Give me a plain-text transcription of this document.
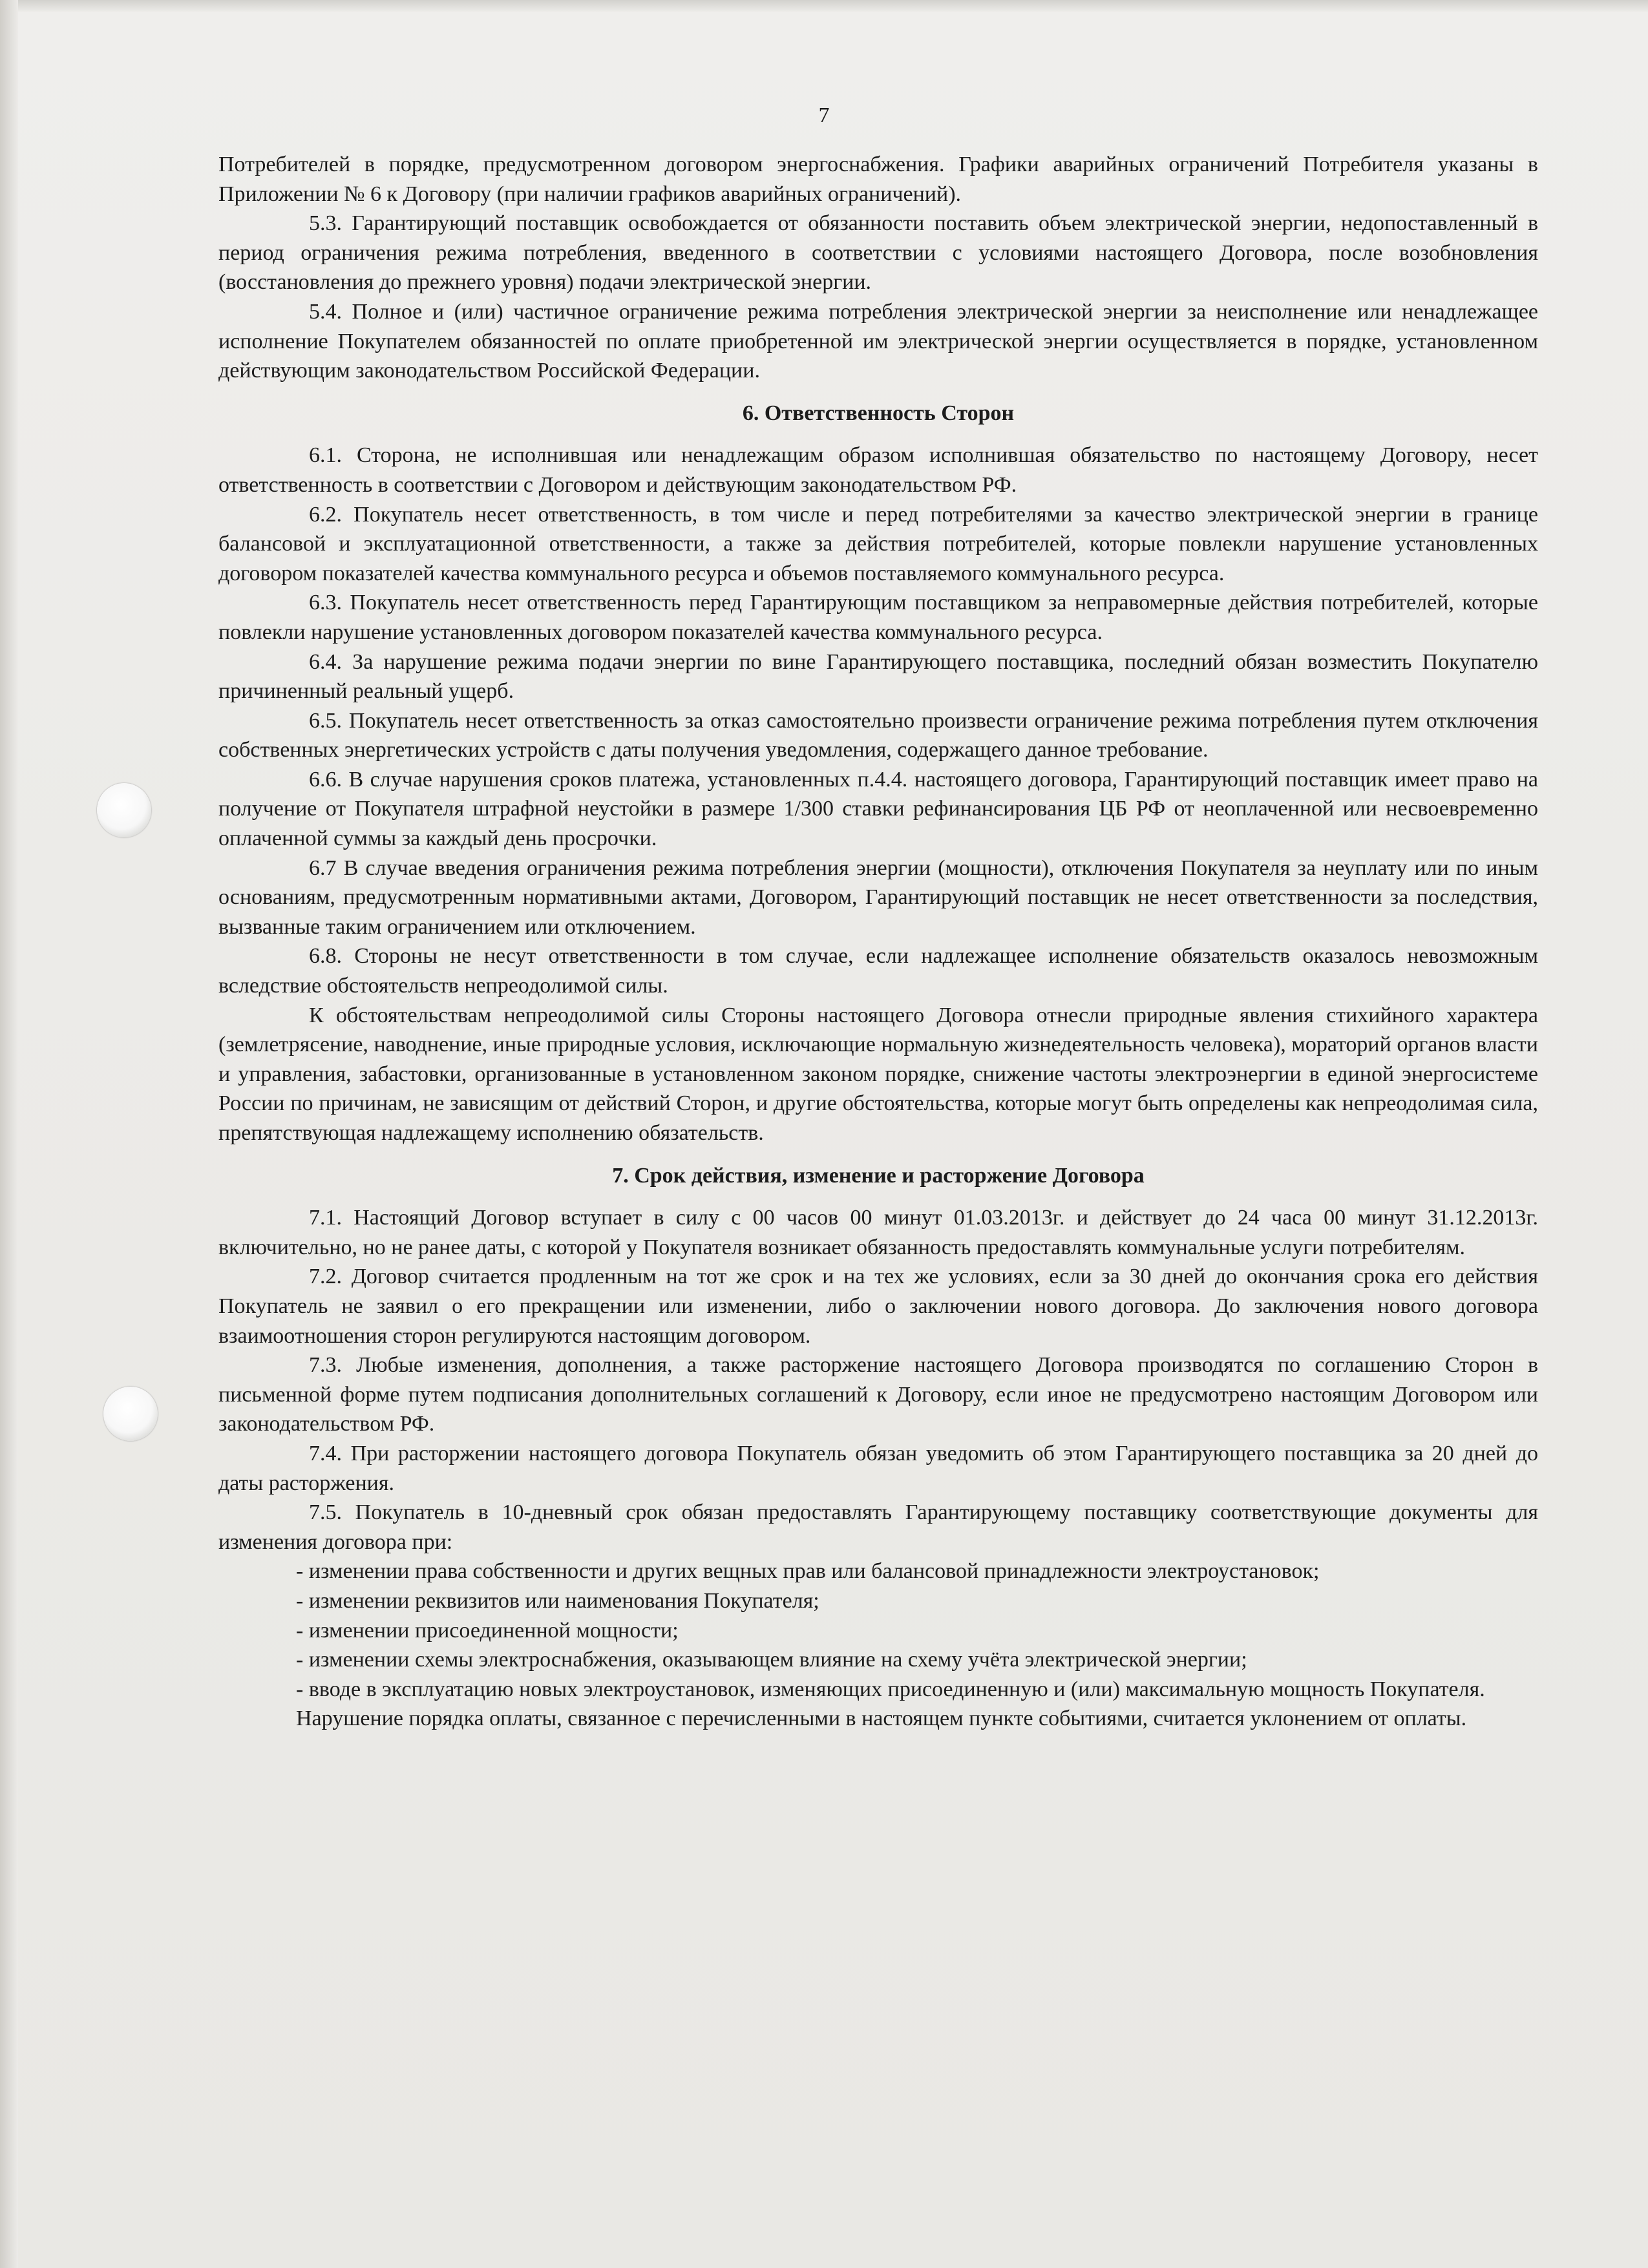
7

Потребителей в порядке, предусмотренном договором энергоснабжения. Графики аварийных ограничений Потребителя указаны в Приложении № 6 к Договору (при наличии графиков аварийных ограничений).

5.3. Гарантирующий поставщик освобождается от обязанности поставить объем электрической энергии, недопоставленный в период ограничения режима потребления, введенного в соответствии с условиями настоящего Договора, после возобновления (восстановления до прежнего уровня) подачи электрической энергии.

5.4. Полное и (или) частичное ограничение режима потребления электрической энергии за неисполнение или ненадлежащее исполнение Покупателем обязанностей по оплате приобретенной им электрической энергии осуществляется в порядке, установленном действующим законодательством Российской Федерации.

6. Ответственность Сторон

6.1. Сторона, не исполнившая или ненадлежащим образом исполнившая обязательство по настоящему Договору, несет ответственность в соответствии с Договором и действующим законодательством РФ.

6.2. Покупатель несет ответственность, в том числе и перед потребителями за качество электрической энергии в границе балансовой и эксплуатационной ответственности, а также за действия потребителей, которые повлекли нарушение установленных договором показателей качества коммунального ресурса и объемов поставляемого коммунального ресурса.

6.3. Покупатель несет ответственность перед Гарантирующим поставщиком за неправомерные действия потребителей, которые повлекли нарушение установленных договором показателей качества коммунального ресурса.

6.4. За нарушение режима подачи энергии по вине Гарантирующего поставщика, последний обязан возместить Покупателю причиненный реальный ущерб.

6.5. Покупатель несет ответственность за отказ самостоятельно произвести ограничение режима потребления путем отключения собственных энергетических устройств с даты получения уведомления, содержащего данное требование.

6.6. В случае нарушения сроков платежа, установленных п.4.4. настоящего договора, Гарантирующий поставщик имеет право на получение от Покупателя штрафной неустойки в размере 1/300 ставки рефинансирования ЦБ РФ от неоплаченной или несвоевременно оплаченной суммы за каждый день просрочки.

6.7 В случае введения ограничения режима потребления энергии (мощности), отключения Покупателя за неуплату или по иным основаниям, предусмотренным нормативными актами, Договором, Гарантирующий поставщик не несет ответственности за последствия, вызванные таким ограничением или отключением.

6.8. Стороны не несут ответственности в том случае, если надлежащее исполнение обязательств оказалось невозможным вследствие обстоятельств непреодолимой силы.

К обстоятельствам непреодолимой силы Стороны настоящего Договора отнесли природные явления стихийного характера (землетрясение, наводнение, иные природные условия, исключающие нормальную жизнедеятельность человека), мораторий органов власти и управления, забастовки, организованные в установленном законом порядке, снижение частоты электроэнергии в единой энергосистеме России по причинам, не зависящим от действий Сторон, и другие обстоятельства, которые могут быть определены как непреодолимая сила, препятствующая надлежащему исполнению обязательств.

7. Срок действия, изменение и расторжение Договора

7.1. Настоящий Договор вступает в силу с 00 часов 00 минут 01.03.2013г. и действует до 24 часа 00 минут 31.12.2013г. включительно, но не ранее даты, с которой у Покупателя возникает обязанность предоставлять коммунальные услуги потребителям.

7.2. Договор считается продленным на тот же срок и на тех же условиях, если за 30 дней до окончания срока его действия Покупатель не заявил о его прекращении или изменении, либо о заключении нового договора. До заключения нового договора взаимоотношения сторон регулируются настоящим договором.

7.3. Любые изменения, дополнения, а также расторжение настоящего Договора производятся по соглашению Сторон в письменной форме путем подписания дополнительных соглашений к Договору, если иное не предусмотрено настоящим Договором или законодательством РФ.

7.4. При расторжении настоящего договора Покупатель обязан уведомить об этом Гарантирующего поставщика за 20 дней до даты расторжения.

7.5. Покупатель в 10-дневный срок обязан предоставлять Гарантирующему поставщику соответствующие документы для изменения договора при:

- изменении права собственности и других вещных прав или балансовой принадлежности электроустановок;

- изменении реквизитов или наименования Покупателя;

- изменении присоединенной мощности;

- изменении схемы электроснабжения, оказывающем влияние на схему учёта электрической энергии;

- вводе в эксплуатацию новых электроустановок, изменяющих присоединенную и (или) максимальную мощность Покупателя.

Нарушение порядка оплаты, связанное с перечисленными в настоящем пункте событиями, считается уклонением от оплаты.
